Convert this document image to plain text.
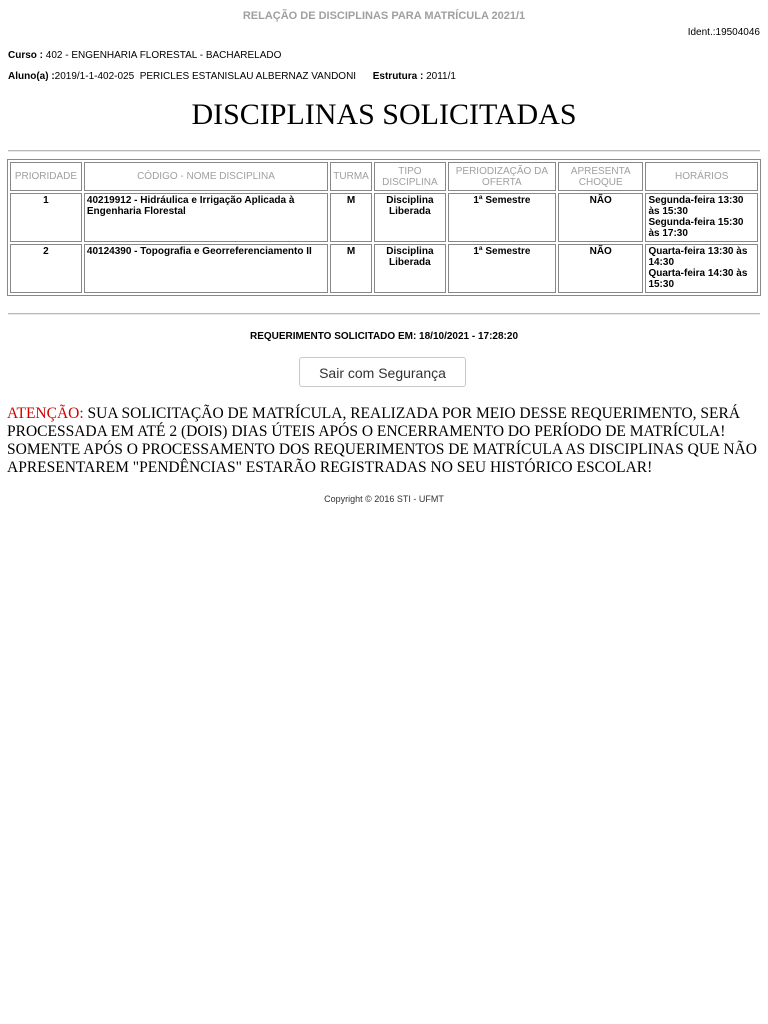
RELAÇÃO DE DISCIPLINAS PARA MATRÍCULA 2021/1
Ident.:19504046
Curso : 402 - ENGENHARIA FLORESTAL - BACHARELADO
Aluno(a) :2019/1-1-402-025  PERICLES ESTANISLAU ALBERNAZ VANDONI Estrutura : 2011/1
DISCIPLINAS SOLICITADAS
PRIORIDADE	CÓDIGO - NOME DISCIPLINA	TURMA	TIPO DISCIPLINA	PERIODIZAÇÃO DA OFERTA	APRESENTA CHOQUE	HORÁRIOS
1	40219912 - Hidráulica e Irrigação Aplicada à Engenharia Florestal	M	Disciplina Liberada	1ª Semestre	NÃO	Segunda-feira 13:30 às 15:30
Segunda-feira 15:30 às 17:30

2	40124390 - Topografia e Georreferenciamento II	M	Disciplina Liberada	1ª Semestre	NÃO	Quarta-feira 13:30 às 14:30
Quarta-feira 14:30 às 15:30
REQUERIMENTO SOLICITADO EM: 18/10/2021 - 17:28:20
Sair com Segurança
ATENÇÃO: SUA SOLICITAÇÃO DE MATRÍCULA, REALIZADA POR MEIO DESSE REQUERIMENTO, SERÁ PROCESSADA EM ATÉ 2 (DOIS) DIAS ÚTEIS APÓS O ENCERRAMENTO DO PERÍODO DE MATRÍCULA! SOMENTE APÓS O PROCESSAMENTO DOS REQUERIMENTOS DE MATRÍCULA AS DISCIPLINAS QUE NÃO APRESENTAREM "PENDÊNCIAS" ESTARÃO REGISTRADAS NO SEU HISTÓRICO ESCOLAR!
Copyright © 2016 STI - UFMT
